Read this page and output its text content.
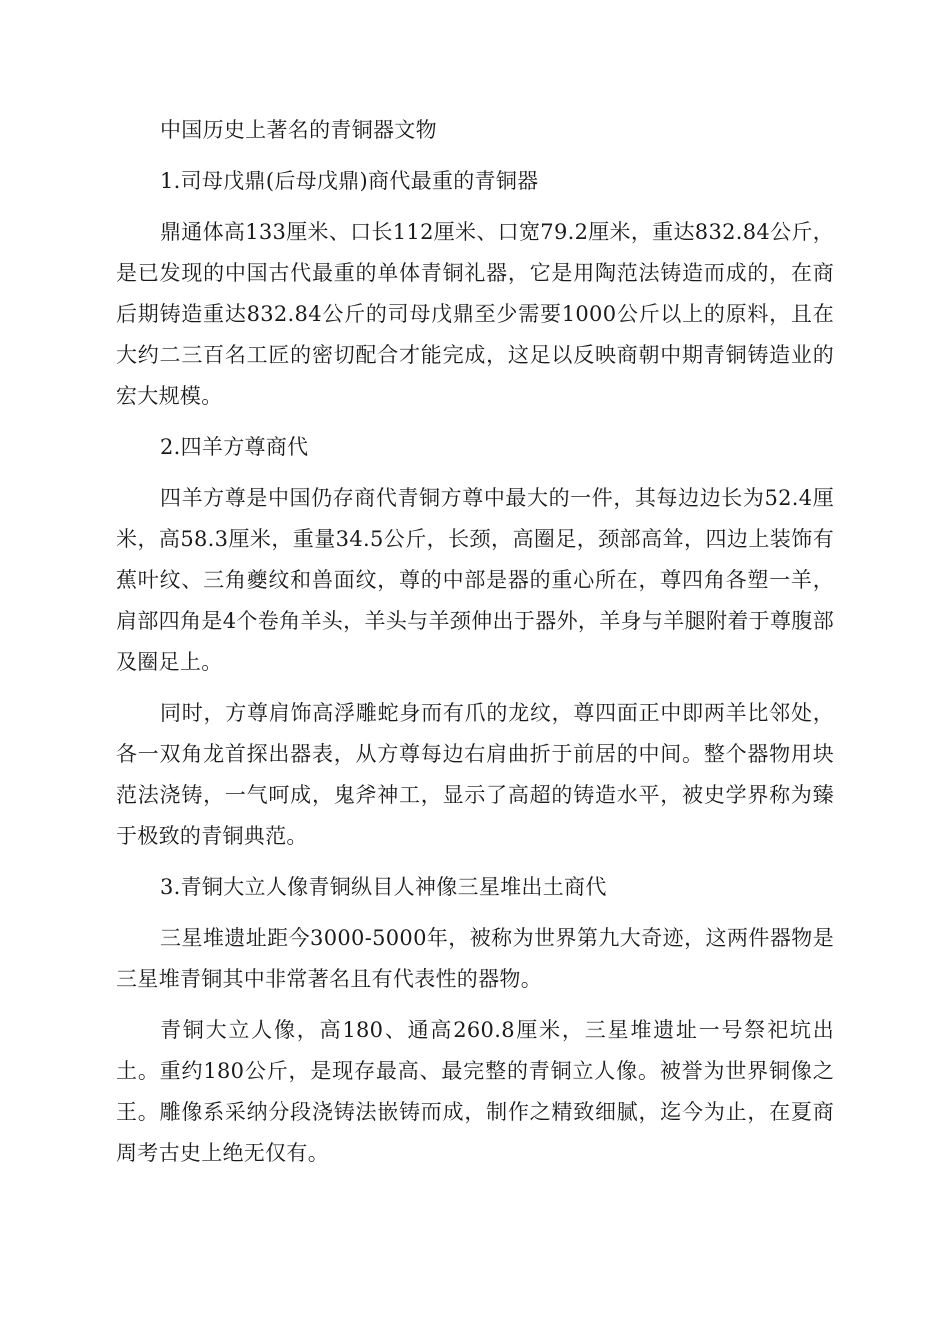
中国历史上著名的青铜器文物

1.司母戊鼎(后母戊鼎)商代最重的青铜器

鼎通体高133厘米、口长112厘米、口宽79.2厘米，重达832.84公斤，是已发现的中国古代最重的单体青铜礼器，它是用陶范法铸造而成的，在商后期铸造重达832.84公斤的司母戊鼎至少需要1000公斤以上的原料，且在大约二三百名工匠的密切配合才能完成，这足以反映商朝中期青铜铸造业的宏大规模。

2.四羊方尊商代

四羊方尊是中国仍存商代青铜方尊中最大的一件，其每边边长为52.4厘米，高58.3厘米，重量34.5公斤，长颈，高圈足，颈部高耸，四边上装饰有蕉叶纹、三角夔纹和兽面纹，尊的中部是器的重心所在，尊四角各塑一羊，肩部四角是4个卷角羊头，羊头与羊颈伸出于器外，羊身与羊腿附着于尊腹部及圈足上。

同时，方尊肩饰高浮雕蛇身而有爪的龙纹，尊四面正中即两羊比邻处，各一双角龙首探出器表，从方尊每边右肩曲折于前居的中间。整个器物用块范法浇铸，一气呵成，鬼斧神工，显示了高超的铸造水平，被史学界称为臻于极致的青铜典范。

3.青铜大立人像青铜纵目人神像三星堆出土商代

三星堆遗址距今3000-5000年，被称为世界第九大奇迹，这两件器物是三星堆青铜其中非常著名且有代表性的器物。

青铜大立人像，高180、通高260.8厘米，三星堆遗址一号祭祀坑出土。重约180公斤，是现存最高、最完整的青铜立人像。被誉为世界铜像之王。雕像系采纳分段浇铸法嵌铸而成，制作之精致细腻，迄今为止，在夏商周考古史上绝无仅有。
